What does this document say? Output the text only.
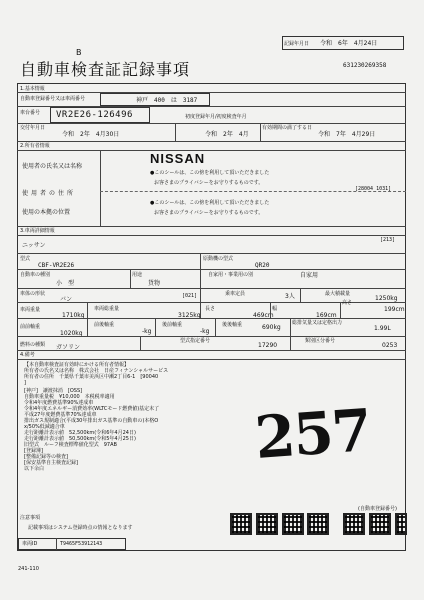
B
自動車検査証記録事項
記録年月日 令和　6年　4月24日
631230269358
1.基本情報
自動車登録番号又は車両番号	神戸　400　は　3187
車台番号 VR2E26-126496	初度登録年月/初度検査年月
交付年月日
令和　2年　4月30日	令和　2年　4月
有効期間の満了する日
令和　7年　4月29日
2.所有者情報
使用者の氏名又は名称
NISSAN
●このシールは、この傍を利用して頂いただきました
お客さまのプライバシーをお守りするものです。
使用者の住所
[28004 1031]
●このシールは、この傍を利用して頂いただきました
お客さまのプライバシーをお守りするものです。
使用の本拠の位置
3.車両詳細情報
[213]
ニッサン
型式
CBF-VR2E26
原動機の型式
QR20
自動車の種別
小　型
用途
貨物
自家用・事業用の別	自家用
車体の形状
バン	[021]	乗車定員	3人	最大積載量
1250kg
車両重量
1710kg
車両総重量
3125kg
長さ
469cm
幅
169cm
高さ
199cm
前前軸重
1020kg
前後軸重
-kg
後前軸重
-kg
後後軸重	690kg
総排気量又は定格出力
1.99L
燃料の種類 ガソリン
型式指定番号
17290
類別区分番号
0253
4.備考
【本自動車検査証有効時にかける所有者情報】
所有者の氏名又は名称　株式会社　日産フィナンシャルサービス
所有者の住所　千葉県千葉市美浜区中瀬2丁目6-1　[90040
]
[神戸]　讓渡抹消　[OSS]
自動車重量税　¥10,000　本税税率適用
令和4年度燃費基準90%達成車
令和4年度エネルギー消費効率(WLTCモード燃費値)基定末了
平成27年度燃費基準70%達成車
排出ガス規制適合(平成30年排出ガス基準の自動車の)本格O
x/50%低減適合車
走行距離計表示値　52,500km(令和6年4月24日)
走行距離計表示値　50,500km(令和5年4月25日)
旧型式　ルーフ検査標準値化型式　97AB
[登録簿]
[整備記録等の検査]
[保安基準自主検査記録]
以下余白	257
注意事項
記載事項はシステム登録時点の情報となります
車両ID	T9465F53912143
241-110
(自動車登録番号)
